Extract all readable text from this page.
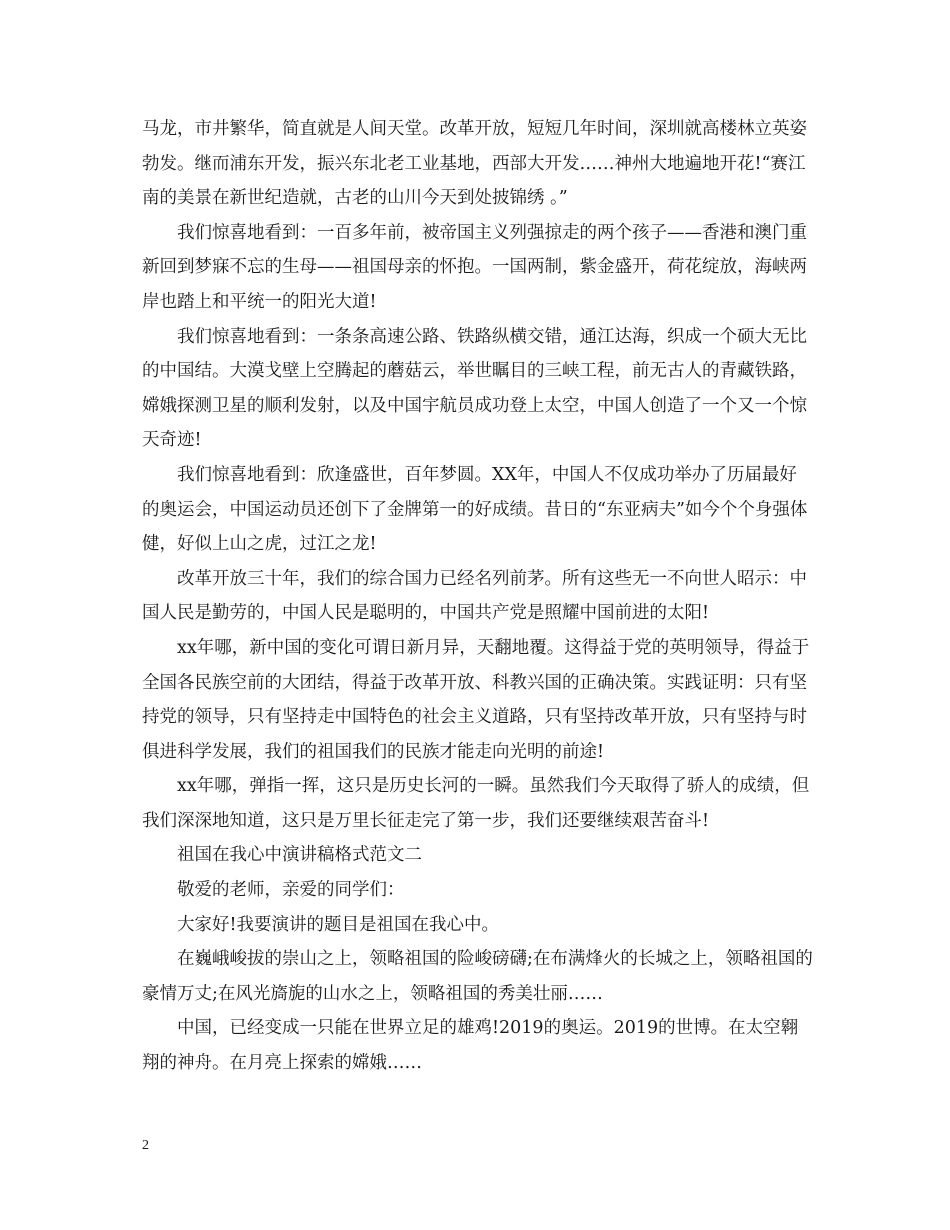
马龙，市井繁华，简直就是人间天堂。改革开放，短短几年时间，深圳就高楼林立英姿勃发。继而浦东开发，振兴东北老工业基地，西部大开发……神州大地遍地开花!“赛江南的美景在新世纪造就，古老的山川今天到处披锦绣 。”

我们惊喜地看到：一百多年前，被帝国主义列强掠走的两个孩子——香港和澳门重新回到梦寐不忘的生母——祖国母亲的怀抱。一国两制，紫金盛开，荷花绽放，海峡两岸也踏上和平统一的阳光大道!

我们惊喜地看到：一条条高速公路、铁路纵横交错，通江达海，织成一个硕大无比的中国结。大漠戈壁上空腾起的蘑菇云，举世瞩目的三峡工程，前无古人的青藏铁路，嫦娥探测卫星的顺利发射，以及中国宇航员成功登上太空，中国人创造了一个又一个惊天奇迹!

我们惊喜地看到：欣逢盛世，百年梦圆。XX年，中国人不仅成功举办了历届最好的奥运会，中国运动员还创下了金牌第一的好成绩。昔日的“东亚病夫”如今个个身强体健，好似上山之虎，过江之龙!

改革开放三十年，我们的综合国力已经名列前茅。所有这些无一不向世人昭示：中国人民是勤劳的，中国人民是聪明的，中国共产党是照耀中国前进的太阳!

xx年哪，新中国的变化可谓日新月异，天翻地覆。这得益于党的英明领导，得益于全国各民族空前的大团结，得益于改革开放、科教兴国的正确决策。实践证明：只有坚持党的领导，只有坚持走中国特色的社会主义道路，只有坚持改革开放，只有坚持与时俱进科学发展，我们的祖国我们的民族才能走向光明的前途!

xx年哪，弹指一挥，这只是历史长河的一瞬。虽然我们今天取得了骄人的成绩，但我们深深地知道，这只是万里长征走完了第一步，我们还要继续艰苦奋斗!

祖国在我心中演讲稿格式范文二

敬爱的老师，亲爱的同学们：

大家好!我要演讲的题目是祖国在我心中。

在巍峨峻拔的崇山之上，领略祖国的险峻磅礴;在布满烽火的长城之上，领略祖国的豪情万丈;在风光旖旎的山水之上，领略祖国的秀美壮丽……

中国，已经变成一只能在世界立足的雄鸡!2019的奥运。2019的世博。在太空翱翔的神舟。在月亮上探索的嫦娥……

2
